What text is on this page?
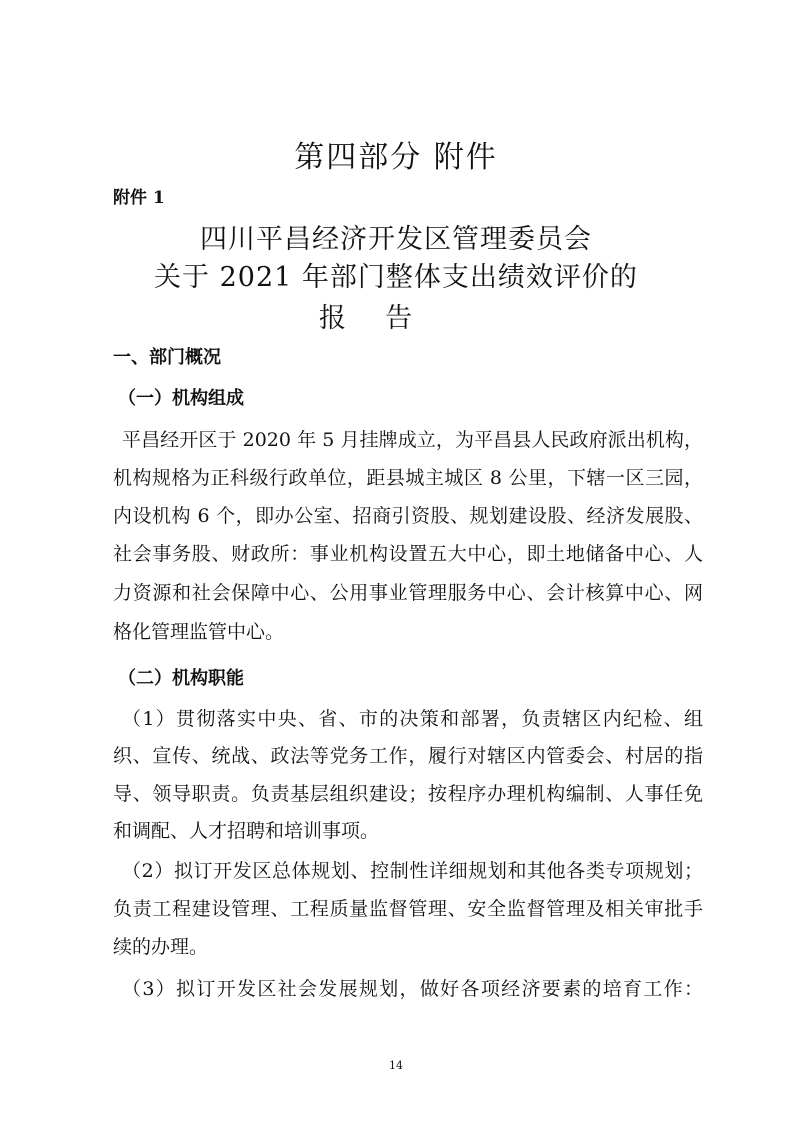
第四部分 附件
附件 1
四川平昌经济开发区管理委员会
关于 2021 年部门整体支出绩效评价的
报    告
一、部门概况
（一）机构组成
平昌经开区于 2020 年 5 月挂牌成立，为平昌县人民政府派出机构，
机构规格为正科级行政单位，距县城主城区 8 公里，下辖一区三园，
内设机构 6 个，即办公室、招商引资股、规划建设股、经济发展股、
社会事务股、财政所：事业机构设置五大中心，即土地储备中心、人
力资源和社会保障中心、公用事业管理服务中心、会计核算中心、网
格化管理监管中心。
（二）机构职能
（1）贯彻落实中央、省、市的决策和部署，负责辖区内纪检、组
织、宣传、统战、政法等党务工作，履行对辖区内管委会、村居的指
导、领导职责。负责基层组织建设；按程序办理机构编制、人事任免
和调配、人才招聘和培训事项。
（2）拟订开发区总体规划、控制性详细规划和其他各类专项规划；
负责工程建设管理、工程质量监督管理、安全监督管理及相关审批手
续的办理。
（3）拟订开发区社会发展规划，做好各项经济要素的培育工作：
14
